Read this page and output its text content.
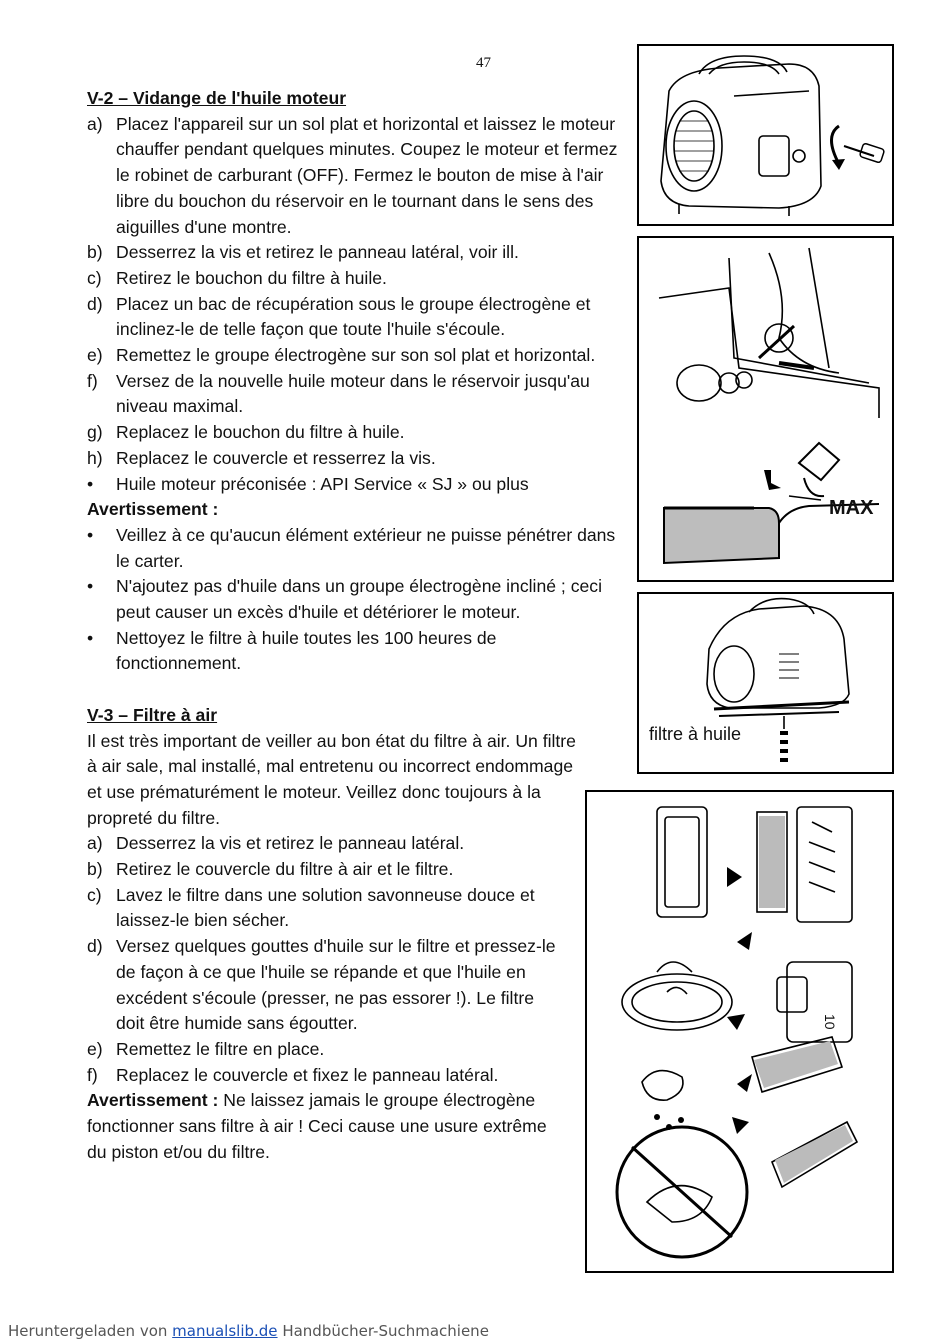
47
V-2 – Vidange de l'huile moteur
a) Placez l'appareil sur un sol plat et horizontal et laissez le moteur chauffer pendant quelques minutes. Coupez le moteur et fermez le robinet de carburant (OFF). Fermez le bouton de mise à l'air libre du bouchon du réservoir en le tournant dans le sens des aiguilles d'une montre.
b) Desserrez la vis et retirez le panneau latéral, voir ill.
c) Retirez le bouchon du filtre à huile.
d) Placez un bac de récupération sous le groupe électrogène et inclinez-le de telle façon que toute l'huile s'écoule.
e) Remettez le groupe électrogène sur son sol plat et horizontal.
f) Versez de la nouvelle huile moteur dans le réservoir jusqu'au niveau maximal.
g) Replacez le bouchon du filtre à huile.
h) Replacez le couvercle et resserrez la vis.
• Huile moteur préconisée : API Service « SJ » ou plus
Avertissement :
• Veillez à ce qu'aucun élément extérieur ne puisse pénétrer dans le carter.
• N'ajoutez pas d'huile dans un groupe électrogène incliné ; ceci peut causer un excès d'huile et détériorer le moteur.
• Nettoyez le filtre à huile toutes les 100 heures de fonctionnement.
V-3 – Filtre à air
Il est très important de veiller au bon état du filtre à air. Un filtre à air sale, mal installé, mal entretenu ou incorrect endommage et use prématurément le moteur. Veillez donc toujours à la propreté du filtre.
a) Desserrez la vis et retirez le panneau latéral.
b) Retirez le couvercle du filtre à air et le filtre.
c) Lavez le filtre dans une solution savonneuse douce et laissez-le bien sécher.
d) Versez quelques gouttes d'huile sur le filtre et pressez-le de façon à ce que l'huile se répande et que l'huile en excédent s'écoule (presser, ne pas essorer !). Le filtre doit être humide sans égoutter.
e) Remettez le filtre en place.
f) Replacez le couvercle et fixez le panneau latéral.
Avertissement : Ne laissez jamais le groupe électrogène fonctionner sans filtre à air ! Ceci cause une usure extrême du piston et/ou du filtre.
MAX
filtre à huile
10
Heruntergeladen von manualslib.de Handbücher-Suchmachiene
